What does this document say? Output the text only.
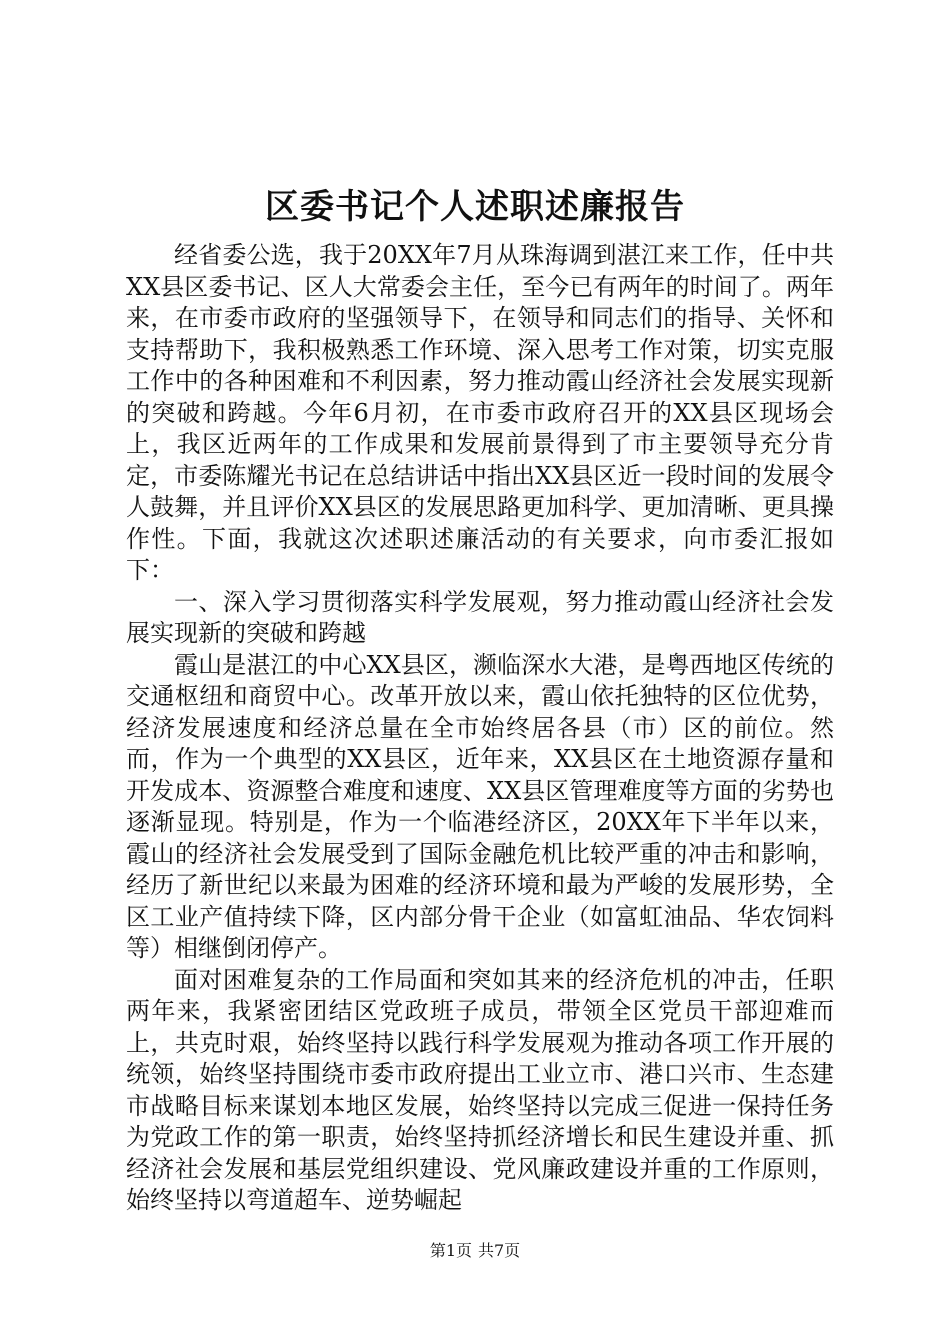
区委书记个人述职述廉报告

经省委公选，我于20XX年7月从珠海调到湛江来工作，任中共XX县区委书记、区人大常委会主任，至今已有两年的时间了。两年来，在市委市政府的坚强领导下，在领导和同志们的指导、关怀和支持帮助下，我积极熟悉工作环境、深入思考工作对策，切实克服工作中的各种困难和不利因素，努力推动霞山经济社会发展实现新的突破和跨越。今年6月初，在市委市政府召开的XX县区现场会上，我区近两年的工作成果和发展前景得到了市主要领导充分肯定，市委陈耀光书记在总结讲话中指出XX县区近一段时间的发展令人鼓舞，并且评价XX县区的发展思路更加科学、更加清晰、更具操作性。下面，我就这次述职述廉活动的有关要求，向市委汇报如下：

一、深入学习贯彻落实科学发展观，努力推动霞山经济社会发展实现新的突破和跨越

霞山是湛江的中心XX县区，濒临深水大港，是粤西地区传统的交通枢纽和商贸中心。改革开放以来，霞山依托独特的区位优势，经济发展速度和经济总量在全市始终居各县（市）区的前位。然而，作为一个典型的XX县区，近年来，XX县区在土地资源存量和开发成本、资源整合难度和速度、XX县区管理难度等方面的劣势也逐渐显现。特别是，作为一个临港经济区，20XX年下半年以来，霞山的经济社会发展受到了国际金融危机比较严重的冲击和影响，经历了新世纪以来最为困难的经济环境和最为严峻的发展形势，全区工业产值持续下降，区内部分骨干企业（如富虹油品、华农饲料等）相继倒闭停产。

面对困难复杂的工作局面和突如其来的经济危机的冲击，任职两年来，我紧密团结区党政班子成员，带领全区党员干部迎难而上，共克时艰，始终坚持以践行科学发展观为推动各项工作开展的统领，始终坚持围绕市委市政府提出工业立市、港口兴市、生态建市战略目标来谋划本地区发展，始终坚持以完成三促进一保持任务为党政工作的第一职责，始终坚持抓经济增长和民生建设并重、抓经济社会发展和基层党组织建设、党风廉政建设并重的工作原则，始终坚持以弯道超车、逆势崛起

第1页 共7页
